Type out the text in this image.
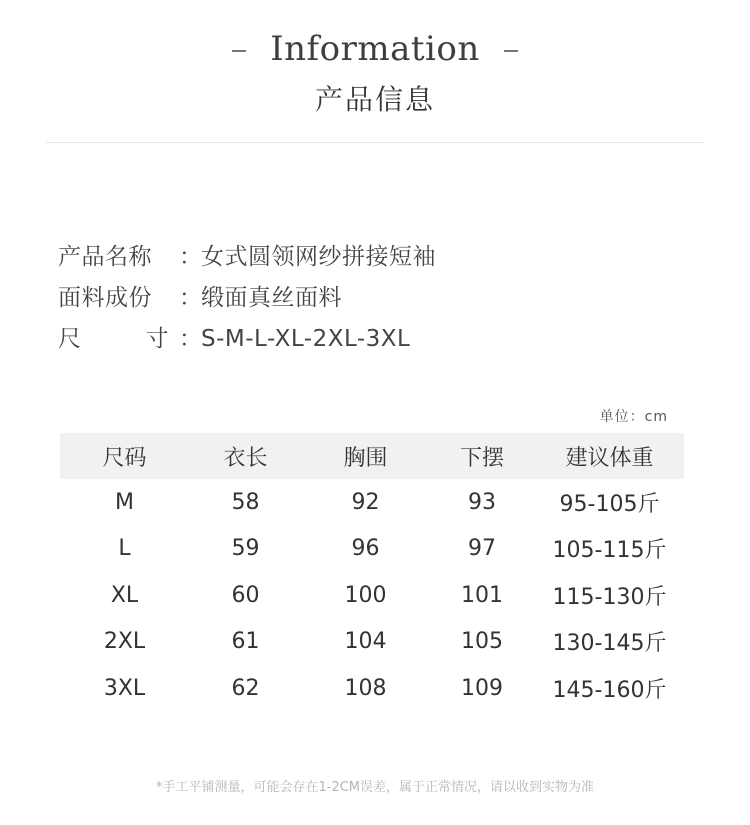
Information
产品信息
产品名称	： 女式圆领网纱拼接短袖
面料成份	： 缎面真丝面料
尺	寸 ： S-M-L-XL-2XL-3XL
单位：cm
尺码	衣长	胸围	下摆	建议体重
M	58	92	93	95-105斤
L	59	96	97	105-115斤
XL	60	100	101	115-130斤
2XL	61	104	105	130-145斤
3XL	62	108	109	145-160斤
*手工平铺测量，可能会存在1-2CM误差，属于正常情况，请以收到实物为准
